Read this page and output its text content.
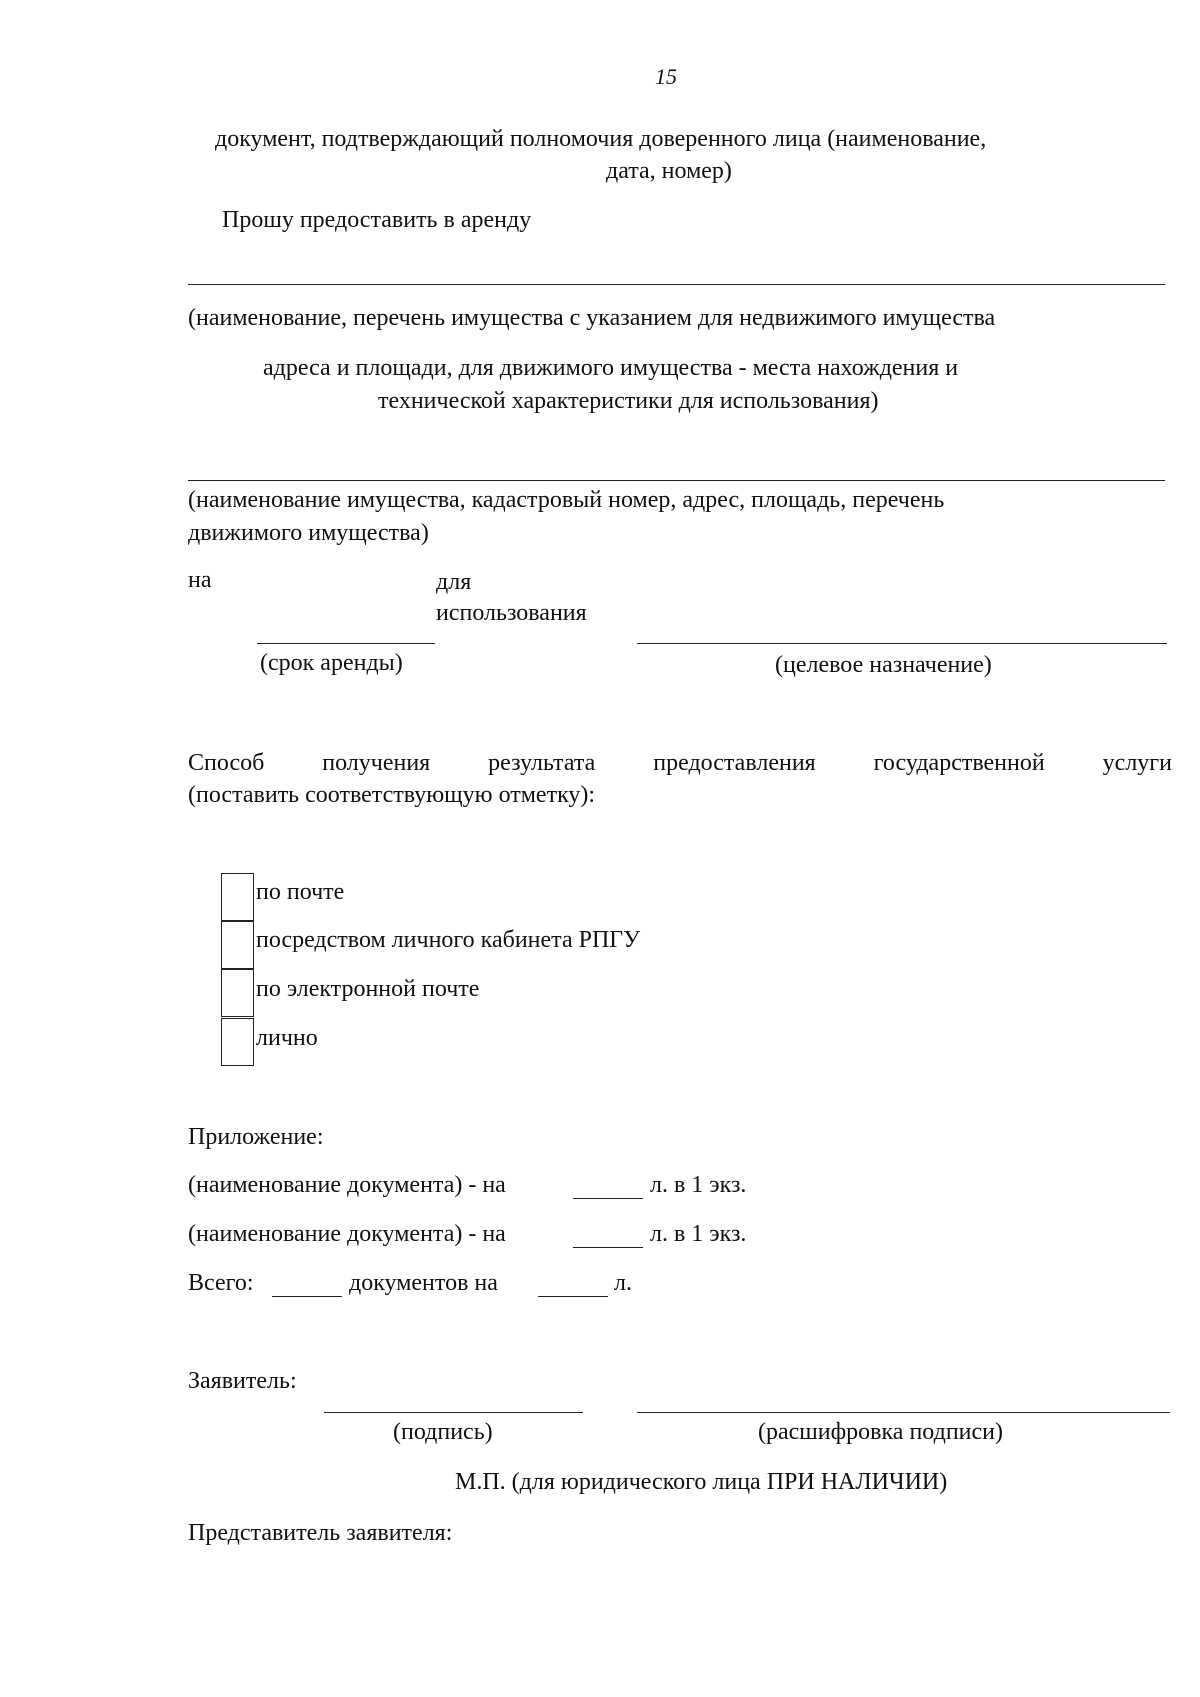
15
документ, подтверждающий полномочия доверенного лица (наименование,
дата, номер)
Прошу предоставить в аренду
(наименование, перечень имущества с указанием для недвижимого имущества
адреса и площади, для движимого имущества - места нахождения и
технической характеристики для использования)
(наименование имущества, кадастровый номер, адрес, площадь, перечень
движимого имущества)
на	для
использования
(срок аренды)	(целевое назначение)
Способ получения результата предоставления государственной услуги
(поставить соответствующую отметку):
по почте
посредством личного кабинета РПГУ
по электронной почте
лично
Приложение:
(наименование документа) - на	л. в 1 экз.
(наименование документа) - на	л. в 1 экз.
Всего:	документов на	л.
Заявитель:
(подпись)	(расшифровка подписи)
М.П. (для юридического лица ПРИ НАЛИЧИИ)
Представитель заявителя:
